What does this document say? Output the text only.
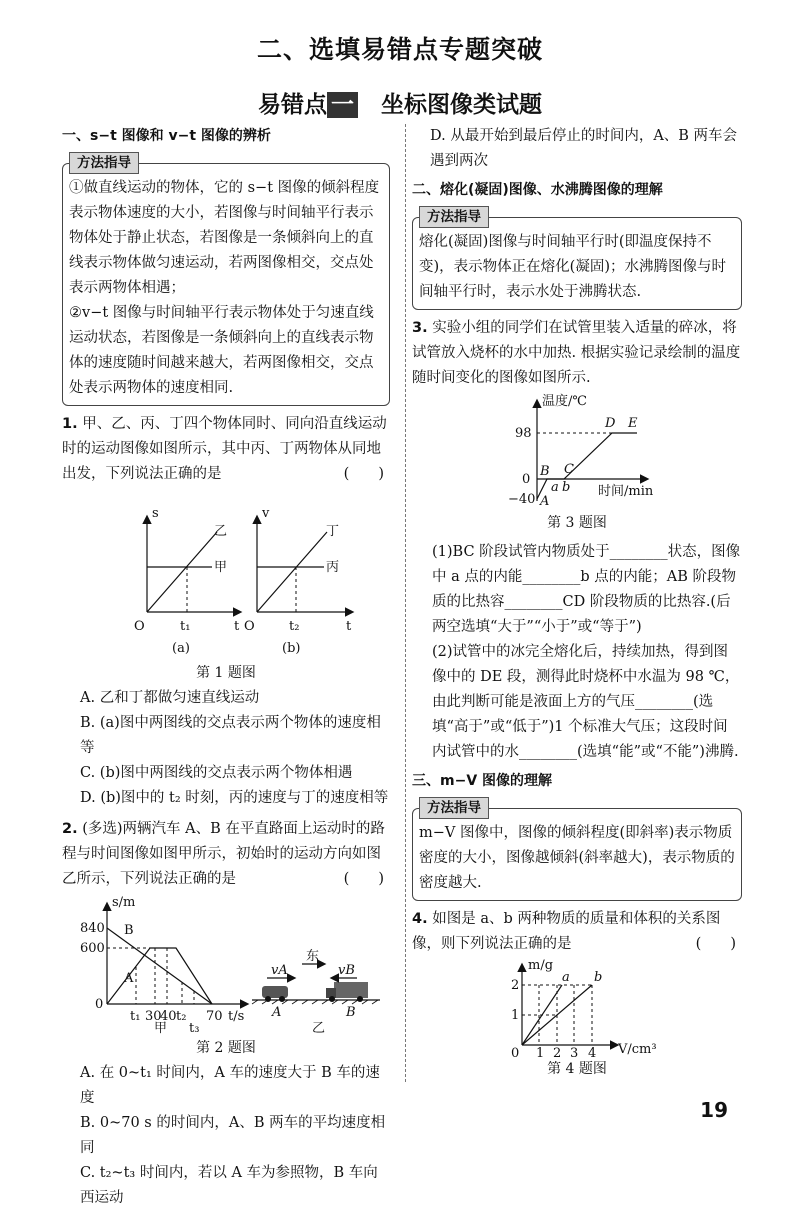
二、选填易错点专题突破
易错点 一　 坐标图像类试题
一、s−t 图像和 v−t 图像的辨析
方法指导
①做直线运动的物体，它的 s−t 图像的倾斜程度表示物体速度的大小，若图像与时间轴平行表示物体处于静止状态，若图像是一条倾斜向上的直线表示物体做匀速运动，若两图像相交，交点处表示两物体相遇；
②v−t 图像与时间轴平行表示物体处于匀速直线运动状态，若图像是一条倾斜向上的直线表示物体的速度随时间越来越大，若两图像相交，交点处表示两物体的速度相同.
1. 甲、乙、丙、丁四个物体同时、同向沿直线运动时的运动图像如图所示，其中丙、丁两物体从同地出发，下列说法正确的是	(　　)
s
t
乙
甲
O	t₁
(a)
v
t
丁
丙
O	t₂
(b)
第 1 题图
A. 乙和丁都做匀速直线运动
B. (a)图中两图线的交点表示两个物体的速度相等
C. (b)图中两图线的交点表示两个物体相遇
D. (b)图中的 t₂ 时刻，丙的速度与丁的速度相等
2. (多选)两辆汽车 A、B 在平直路面上运动时的路程与时间图像如图甲所示，初始时的运动方向如图乙所示，下列说法正确的是	(　　)
s/m
840
600
0
t₁ 30
40 t₂
t₃
70 t/s
B
A
甲
东
vA	vB
A	B
乙
第 2 题图
A. 在 0~t₁ 时间内，A 车的速度大于 B 车的速度
B. 0~70 s 的时间内，A、B 两车的平均速度相同
C. t₂~t₃ 时间内，若以 A 车为参照物，B 车向西运动
D. 从最开始到最后停止的时间内，A、B 两车会遇到两次
二、熔化(凝固)图像、水沸腾图像的理解
方法指导
熔化(凝固)图像与时间轴平行时(即温度保持不变)，表示物体正在熔化(凝固)；水沸腾图像与时间轴平行时，表示水处于沸腾状态.
3. 实验小组的同学们在试管里装入适量的碎冰，将试管放入烧杯的水中加热. 根据实验记录绘制的温度随时间变化的图像如图所示.
温度/℃
时间/min
98
0
−40 A
B C
D E
a b
第 3 题图
(1)BC 阶段试管内物质处于________状态，图像中 a 点的内能________b 点的内能；AB 阶段物质的比热容________CD 阶段物质的比热容.(后两空选填“大于”“小于”或“等于”)
(2)试管中的冰完全熔化后，持续加热，得到图像中的 DE 段，测得此时烧杯中水温为 98 ℃，由此判断可能是液面上方的气压________(选填“高于”或“低于”)1 个标准大气压；这段时间内试管中的水________(选填“能”或“不能”)沸腾.
三、m−V 图像的理解
方法指导
m−V 图像中，图像的倾斜程度(即斜率)表示物质密度的大小，图像越倾斜(斜率越大)，表示物质的密度越大.
4. 如图是 a、b 两种物质的质量和体积的关系图像，则下列说法正确的是	(　　)
m/g
V/cm³
0 1 2 3 4
1
2
a b
第 4 题图
19
